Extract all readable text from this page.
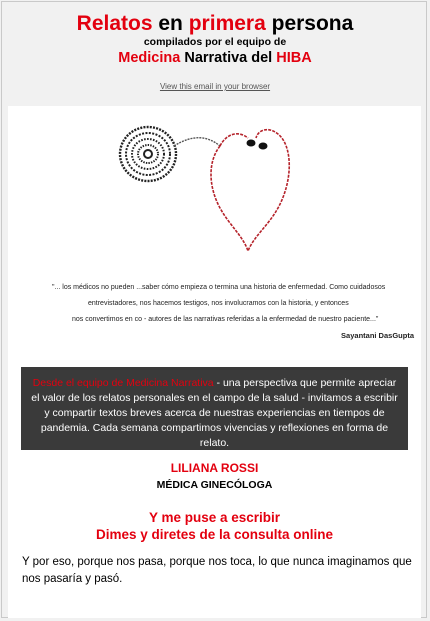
Relatos en primera persona
compilados por el equipo de
Medicina Narrativa del HIBA
View this email in your browser
"... los médicos no pueden ...saber cómo empieza o termina una historia de enfermedad. Como cuidadosos
entrevistadores, nos hacemos testigos, nos involucramos con la historia, y entonces
nos convertimos en co - autores de las narrativas referidas a la enfermedad de nuestro paciente..."
Sayantani DasGupta
Desde el equipo de Medicina Narrativa - una perspectiva que permite apreciar el valor de los relatos personales en el campo de la salud - invitamos a escribir y compartir textos breves acerca de nuestras experiencias en tiempos de pandemia. Cada semana compartimos vivencias y reflexiones en forma de relato.
LILIANA ROSSI
MÉDICA GINECÓLOGA
Y me puse a escribir
Dimes y diretes de la consulta online
Y por eso, porque nos pasa, porque nos toca, lo que nunca imaginamos que nos pasaría y pasó.
